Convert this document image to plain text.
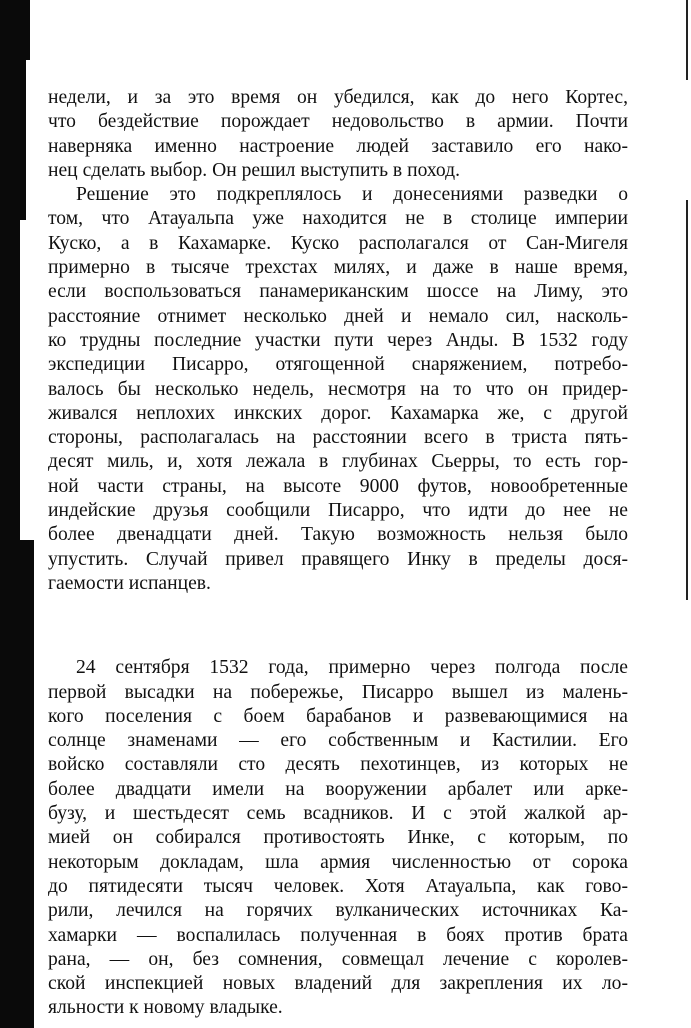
недели, и за это время он убедился, как до него Кортес,
что бездействие порождает недовольство в армии. Почти
наверняка именно настроение людей заставило его нако-
нец сделать выбор. Он решил выступить в поход.
Решение это подкреплялось и донесениями разведки о
том, что Атауальпа уже находится не в столице империи
Куско, а в Кахамарке. Куско располагался от Сан-Мигеля
примерно в тысяче трехстах милях, и даже в наше время,
если воспользоваться панамериканским шоссе на Лиму, это
расстояние отнимет несколько дней и немало сил, насколь-
ко трудны последние участки пути через Анды. В 1532 году
экспедиции Писарро, отягощенной снаряжением, потребо-
валось бы несколько недель, несмотря на то что он придер-
живался неплохих инкских дорог. Кахамарка же, с другой
стороны, располагалась на расстоянии всего в триста пять-
десят миль, и, хотя лежала в глубинах Сьерры, то есть гор-
ной части страны, на высоте 9000 футов, новообретенные
индейские друзья сообщили Писарро, что идти до нее не
более двенадцати дней. Такую возможность нельзя было
упустить. Случай привел правящего Инку в пределы дося-
гаемости испанцев.
24 сентября 1532 года, примерно через полгода после
первой высадки на побережье, Писарро вышел из малень-
кого поселения с боем барабанов и развевающимися на
солнце знаменами — его собственным и Кастилии. Его
войско составляли сто десять пехотинцев, из которых не
более двадцати имели на вооружении арбалет или арке-
бузу, и шестьдесят семь всадников. И с этой жалкой ар-
мией он собирался противостоять Инке, с которым, по
некоторым докладам, шла армия численностью от сорока
до пятидесяти тысяч человек. Хотя Атауальпа, как гово-
рили, лечился на горячих вулканических источниках Ка-
хамарки — воспалилась полученная в боях против брата
рана, — он, без сомнения, совмещал лечение с королев-
ской инспекцией новых владений для закрепления их ло-
яльности к новому владыке.
